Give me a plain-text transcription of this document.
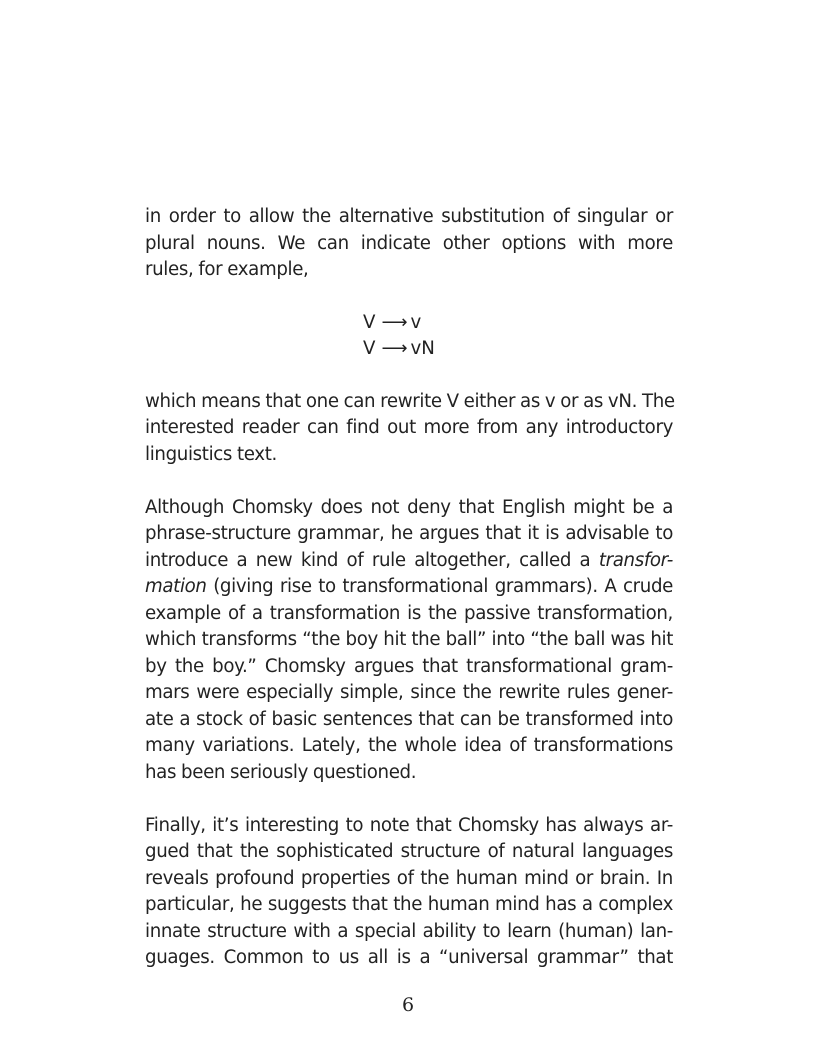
in order to allow the alternative substitution of singular or
plural nouns. We can indicate other options with more
rules, for example,
V ⟶ v
V ⟶ vN
which means that one can rewrite V either as v or as vN. The
interested reader can find out more from any introductory
linguistics text.
Although Chomsky does not deny that English might be a
phrase-structure grammar, he argues that it is advisable to
introduce a new kind of rule altogether, called a transfor-
mation (giving rise to transformational grammars). A crude
example of a transformation is the passive transformation,
which transforms “the boy hit the ball” into “the ball was hit
by the boy.” Chomsky argues that transformational gram-
mars were especially simple, since the rewrite rules gener-
ate a stock of basic sentences that can be transformed into
many variations. Lately, the whole idea of transformations
has been seriously questioned.
Finally, it’s interesting to note that Chomsky has always ar-
gued that the sophisticated structure of natural languages
reveals profound properties of the human mind or brain. In
particular, he suggests that the human mind has a complex
innate structure with a special ability to learn (human) lan-
guages. Common to us all is a “universal grammar” that
6
